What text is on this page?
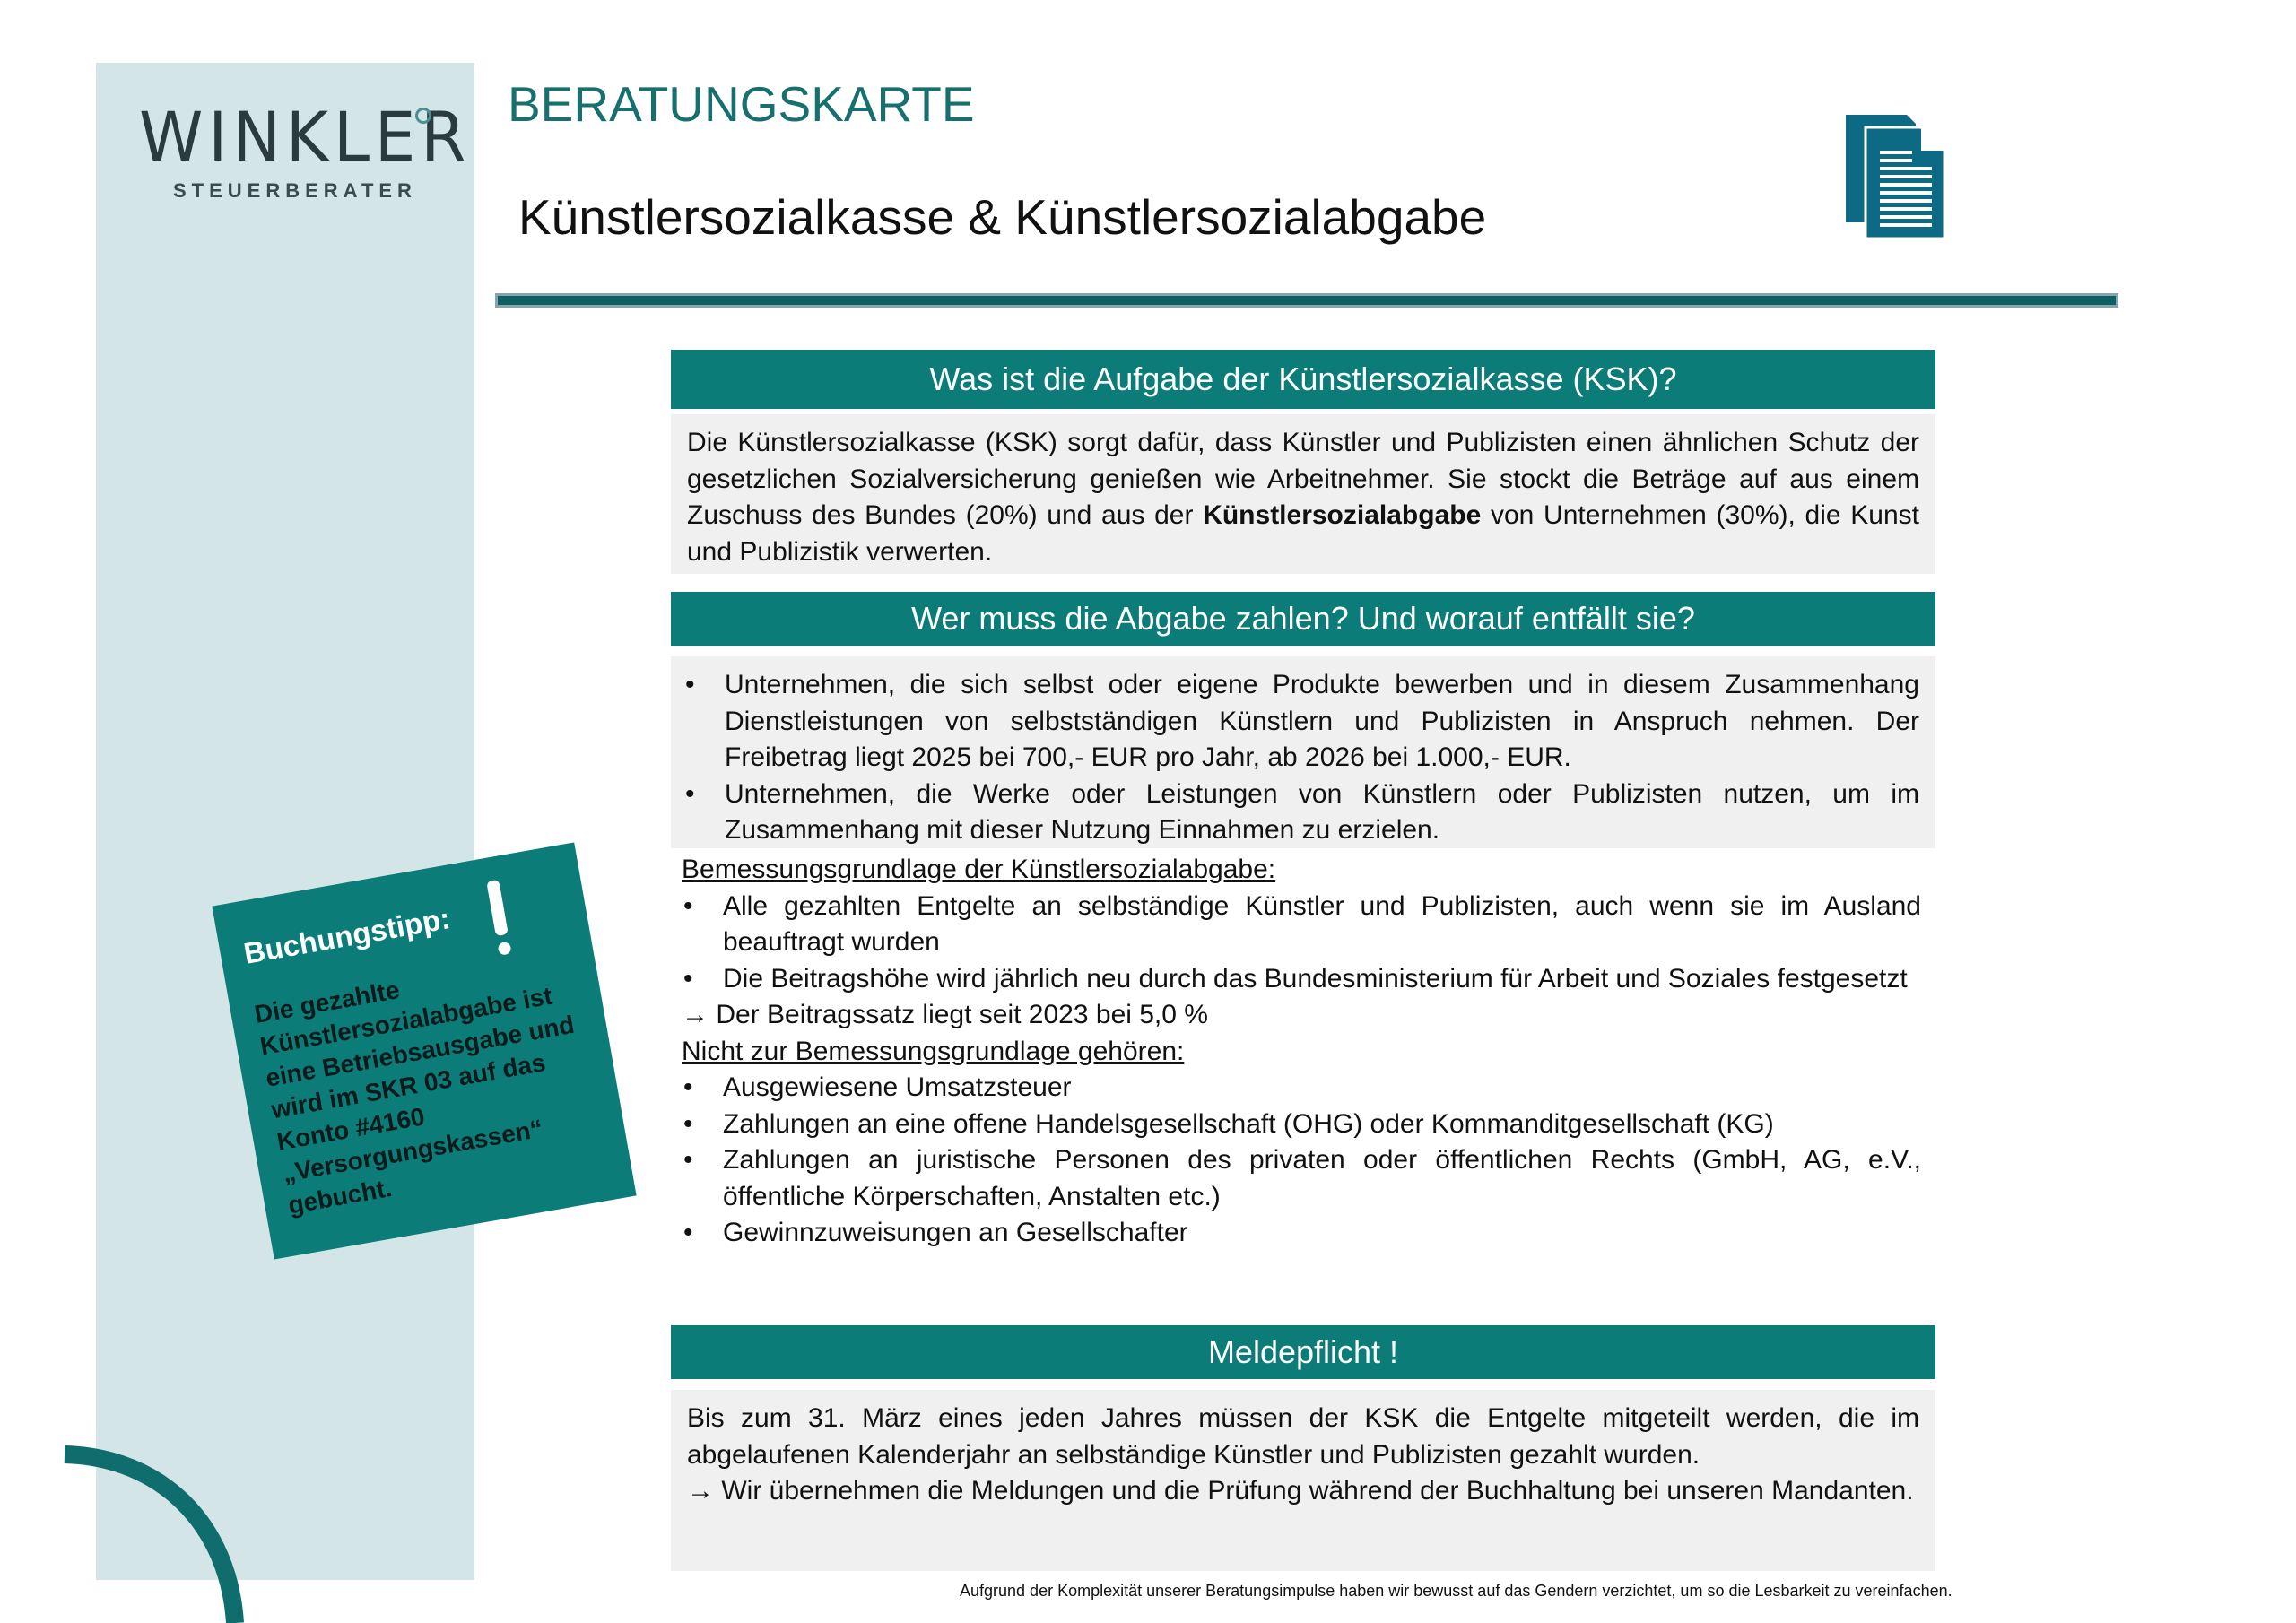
WINKLER
STEUERBERATER
BERATUNGSKARTE
Künstlersozialkasse & Künstlersozialabgabe
Was ist die Aufgabe der Künstlersozialkasse (KSK)?
Die Künstlersozialkasse (KSK) sorgt dafür, dass Künstler und Publizisten einen ähnlichen Schutz der gesetzlichen Sozialversicherung genießen wie Arbeitnehmer. Sie stockt die Beträge auf aus einem Zuschuss des Bundes (20%) und aus der Künstlersozialabgabe von Unternehmen (30%), die Kunst und Publizistik verwerten.
Wer muss die Abgabe zahlen? Und worauf entfällt sie?
• Unternehmen, die sich selbst oder eigene Produkte bewerben und in diesem Zusammenhang Dienstleistungen von selbstständigen Künstlern und Publizisten in Anspruch nehmen. Der Freibetrag liegt 2025 bei 700,- EUR pro Jahr, ab 2026 bei 1.000,- EUR.
• Unternehmen, die Werke oder Leistungen von Künstlern oder Publizisten nutzen, um im Zusammenhang mit dieser Nutzung Einnahmen zu erzielen.
Bemessungsgrundlage der Künstlersozialabgabe:
• Alle gezahlten Entgelte an selbständige Künstler und Publizisten, auch wenn sie im Ausland beauftragt wurden
• Die Beitragshöhe wird jährlich neu durch das Bundesministerium für Arbeit und Soziales festgesetzt
→ Der Beitragssatz liegt seit 2023 bei 5,0 %
Nicht zur Bemessungsgrundlage gehören:
• Ausgewiesene Umsatzsteuer
• Zahlungen an eine offene Handelsgesellschaft (OHG) oder Kommanditgesellschaft (KG)
• Zahlungen an juristische Personen des privaten oder öffentlichen Rechts (GmbH, AG, e.V., öffentliche Körperschaften, Anstalten etc.)
• Gewinnzuweisungen an Gesellschafter
Meldepflicht !
Bis zum 31. März eines jeden Jahres müssen der KSK die Entgelte mitgeteilt werden, die im abgelaufenen Kalenderjahr an selbständige Künstler und Publizisten gezahlt wurden.
→ Wir übernehmen die Meldungen und die Prüfung während der Buchhaltung bei unseren Mandanten.
Buchungstipp:
Die gezahlte Künstlersozialabgabe ist eine Betriebsausgabe und wird im SKR 03 auf das Konto #4160 „Versorgungskassen“ gebucht.
Aufgrund der Komplexität unserer Beratungsimpulse haben wir bewusst auf das Gendern verzichtet, um so die Lesbarkeit zu vereinfachen.
